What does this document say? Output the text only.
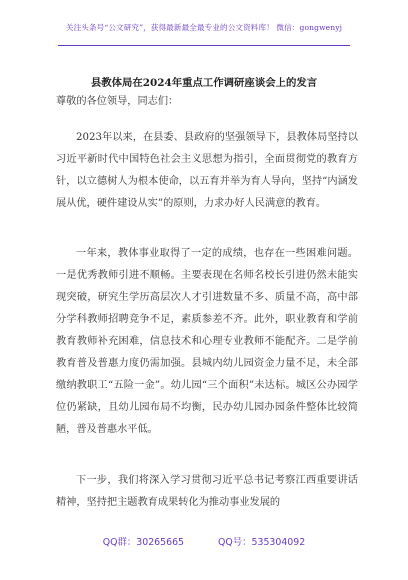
关注头条号“公文研究”，获得最新最全最专业的公文资料库！ 微信：gongwenyj
县教体局在2024年重点工作调研座谈会上的发言

尊敬的各位领导，同志们：

2023年以来，在县委、县政府的坚强领导下，县教体局坚持以习近平新时代中国特色社会主义思想为指引，全面贯彻党的教育方针，以立德树人为根本使命，以五育并举为育人导向，坚持“内涵发展从优，硬件建设从实”的原则，力求办好人民满意的教育。

一年来，教体事业取得了一定的成绩，也存在一些困难问题。一是优秀教师引进不顺畅。主要表现在名师名校长引进仍然未能实现突破，研究生学历高层次人才引进数量不多、质量不高，高中部分学科教师招聘竞争不足，素质参差不齐。此外，职业教育和学前教育教师补充困难，信息技术和心理专业教师不能配齐。二是学前教育普及普惠力度仍需加强。县城内幼儿园资金力量不足，未全部缴纳教职工“五险一金”。幼儿园“三个面积”未达标。城区公办园学位仍紧缺，且幼儿园布局不均衡，民办幼儿园办园条件整体比较简陋，普及普惠水平低。

下一步，我们将深入学习贯彻习近平总书记考察江西重要讲话精神，坚持把主题教育成果转化为推动事业发展的

QQ群：30265665	QQ号：535304092
